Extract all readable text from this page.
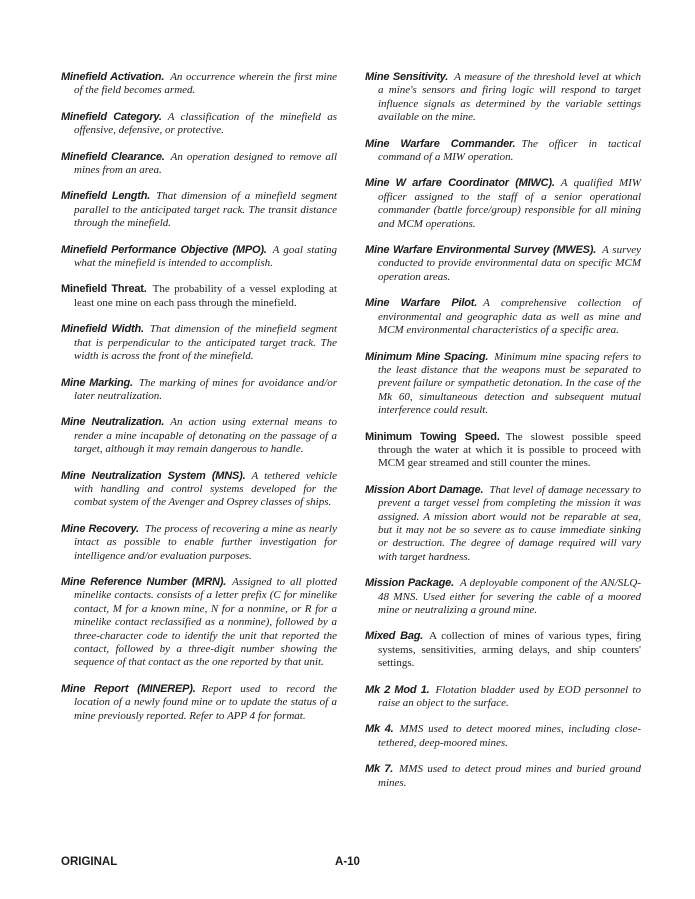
Minefield Activation. An occurrence wherein the first mine of the field becomes armed.

Minefield Category. A classification of the minefield as offensive, defensive, or protective.

Minefield Clearance. An operation designed to remove all mines from an area.

Minefield Length. That dimension of a minefield segment parallel to the anticipated target rack. The transit distance through the minefield.

Minefield Performance Objective (MPO). A goal stating what the minefield is intended to accomplish.

Minefield Threat. The probability of a vessel exploding at least one mine on each pass through the minefield.

Minefield Width. That dimension of the minefield segment that is perpendicular to the anticipated target track. The width is across the front of the minefield.

Mine Marking. The marking of mines for avoidance and/or later neutralization.

Mine Neutralization. An action using external means to render a mine incapable of detonating on the passage of a target, although it may remain dangerous to handle.

Mine Neutralization System (MNS). A tethered vehicle with handling and control systems developed for the combat system of the Avenger and Osprey classes of ships.

Mine Recovery. The process of recovering a mine as nearly intact as possible to enable further investigation for intelligence and/or evaluation purposes.

Mine Reference Number (MRN). Assigned to all plotted minelike contacts. consists of a letter prefix (C for minelike contact, M for a known mine, N for a nonmine, or R for a minelike contact reclassified as a nonmine), followed by a three-character code to identify the unit that reported the contact, followed by a three-digit number showing the sequence of that contact as the one reported by that unit.

Mine Report (MINEREP). Report used to record the location of a newly found mine or to update the status of a mine previously reported. Refer to APP 4 for format.

Mine Sensitivity. A measure of the threshold level at which a mine's sensors and firing logic will respond to target influence signals as determined by the variable settings available on the mine.

Mine Warfare Commander. The officer in tactical command of a MIW operation.

Mine W arfare Coordinator (MIWC). A qualified MIW officer assigned to the staff of a senior operational commander (battle force/group) responsible for all mining and MCM operations.

Mine Warfare Environmental Survey (MWES). A survey conducted to provide environmental data on specific MCM operation areas.

Mine Warfare Pilot. A comprehensive collection of environmental and geographic data as well as mine and MCM environmental characteristics of a specific area.

Minimum Mine Spacing. Minimum mine spacing refers to the least distance that the weapons must be separated to prevent failure or sympathetic detonation. In the case of the Mk 60, simultaneous detection and subsequent mutual interference could result.

Minimum Towing Speed. The slowest possible speed through the water at which it is possible to proceed with MCM gear streamed and still counter the mines.

Mission Abort Damage. That level of damage necessary to prevent a target vessel from completing the mission it was assigned. A mission abort would not be reparable at sea, but it may not be so severe as to cause immediate sinking or destruction. The degree of damage required will vary with target hardness.

Mission Package. A deployable component of the AN/SLQ-48 MNS. Used either for severing the cable of a moored mine or neutralizing a ground mine.

Mixed Bag. A collection of mines of various types, firing systems, sensitivities, arming delays, and ship counters' settings.

Mk 2 Mod 1. Flotation bladder used by EOD personnel to raise an object to the surface.

Mk 4. MMS used to detect moored mines, including close-tethered, deep-moored mines.

Mk 7. MMS used to detect proud mines and buried ground mines.

ORIGINAL	A-10
